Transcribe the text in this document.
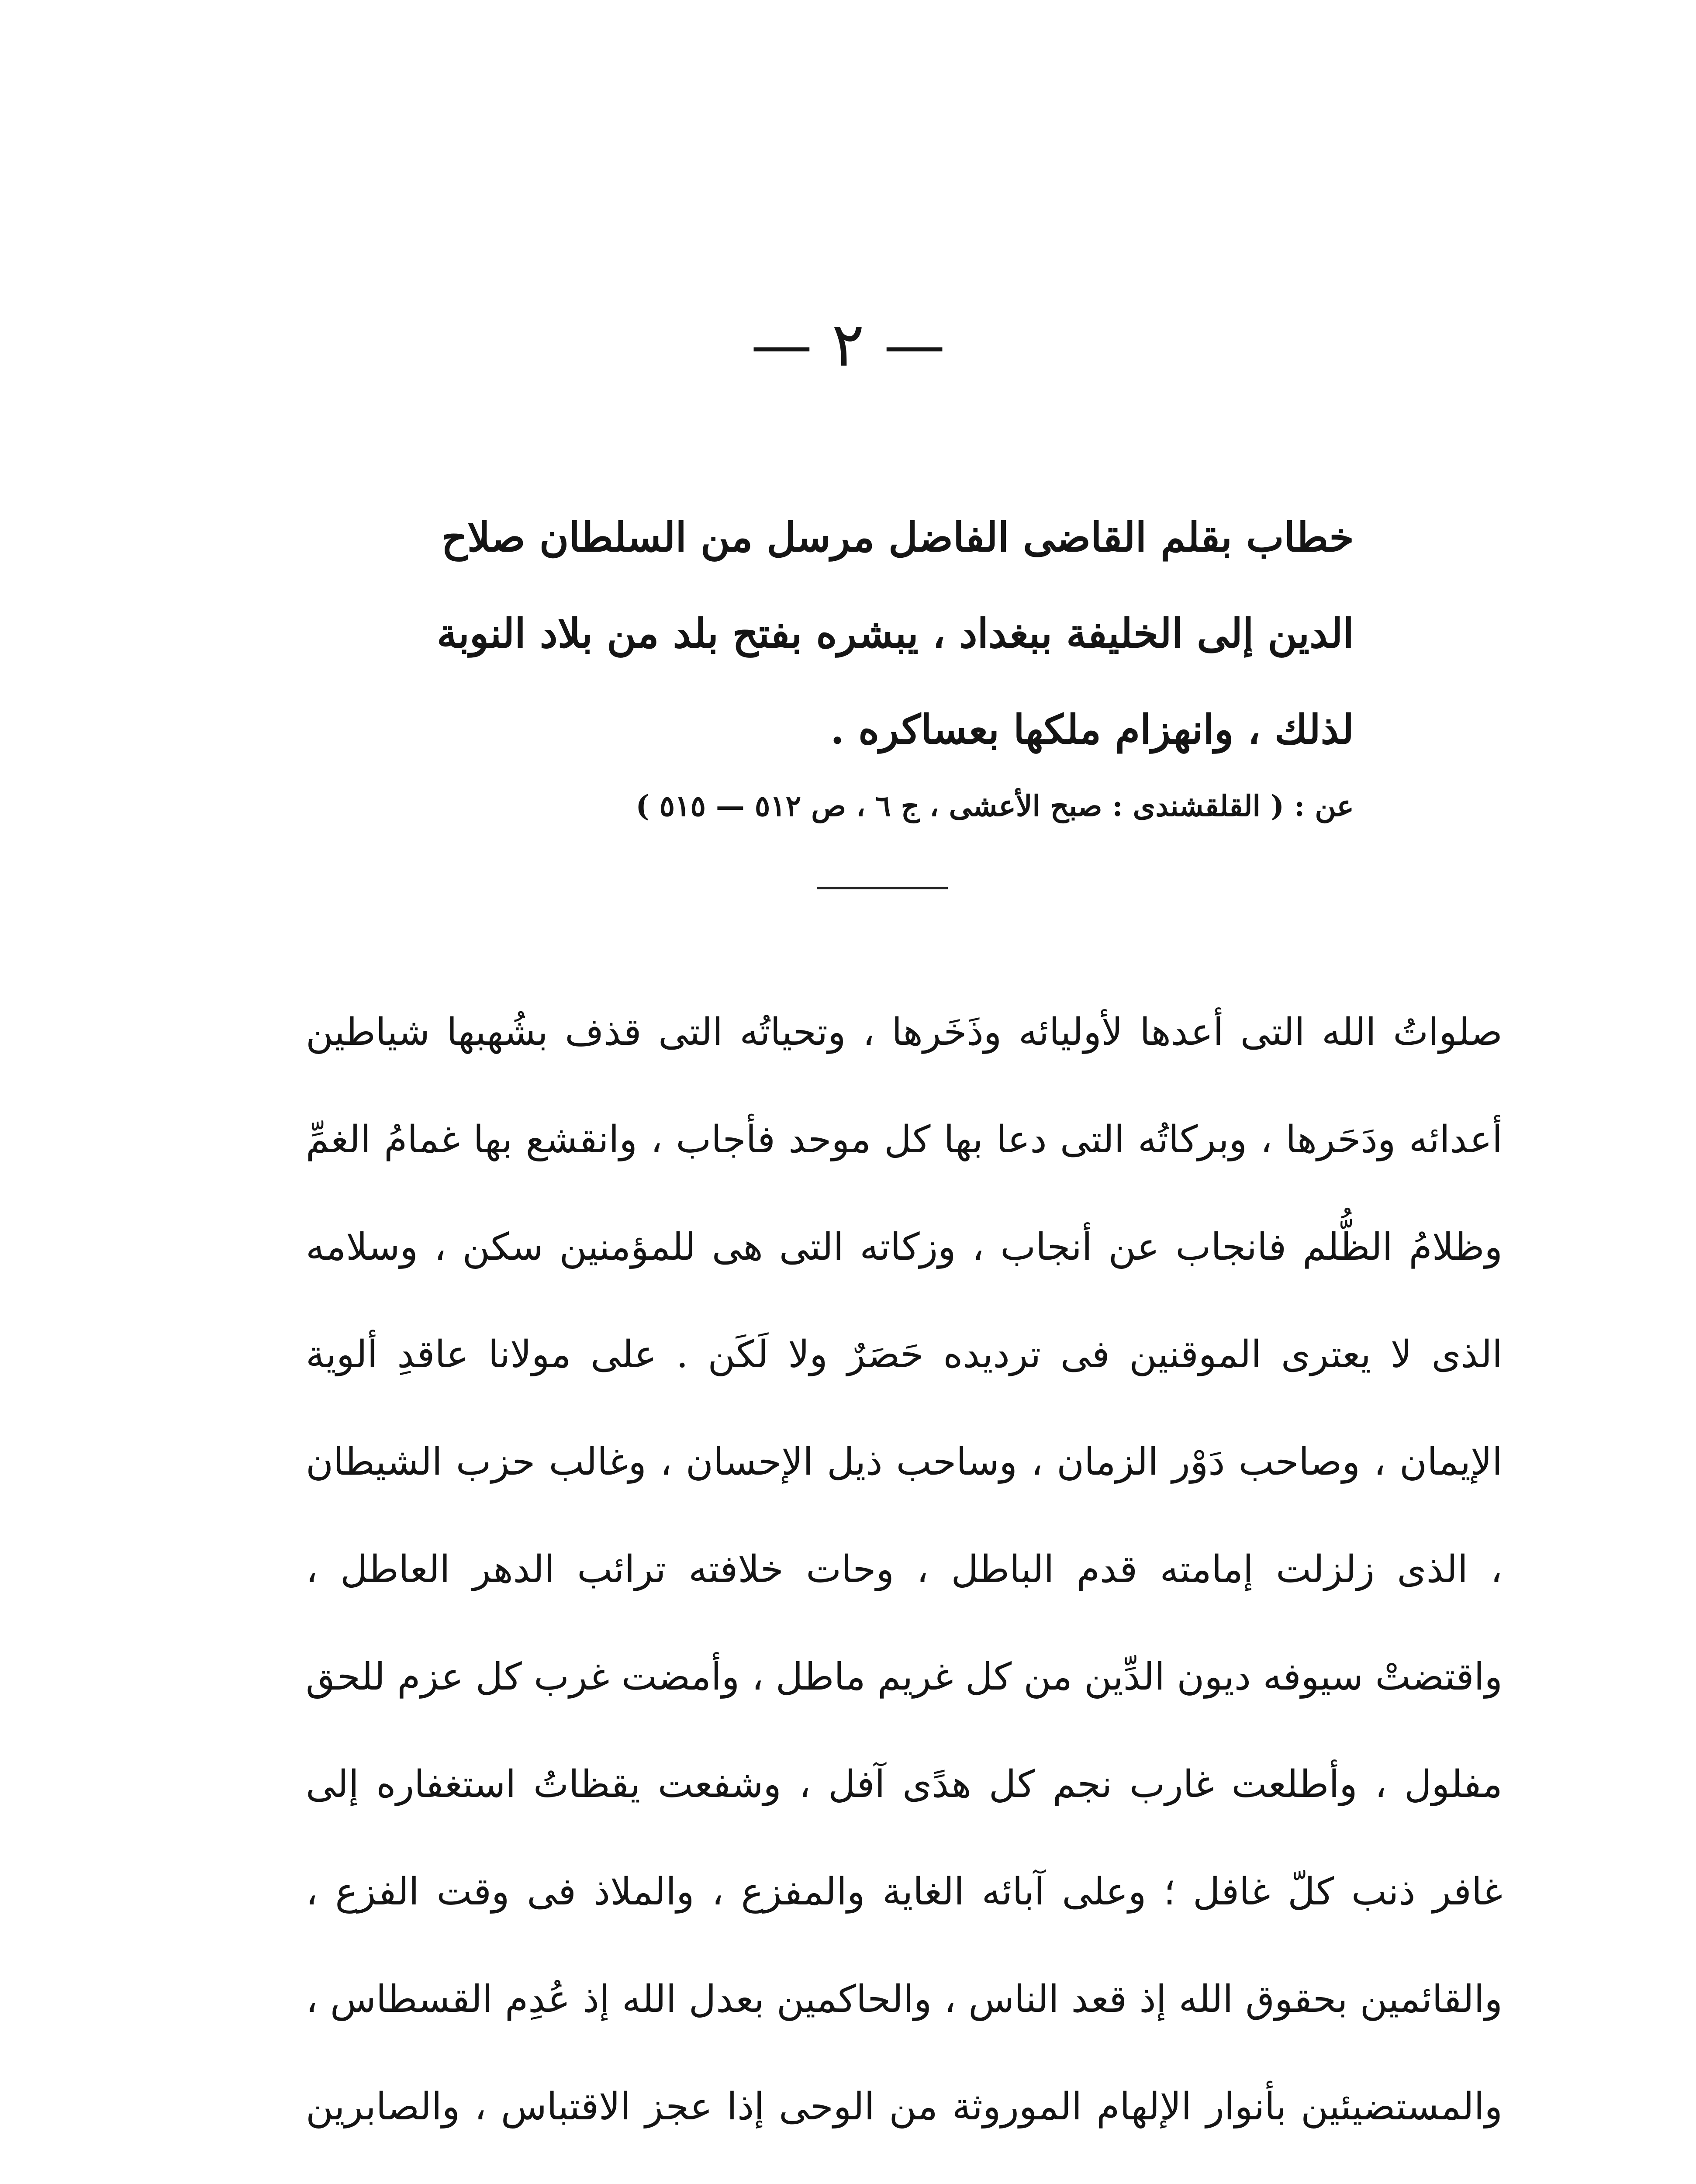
— ٢ —
خطاب بقلم القاضى الفاضل مرسل من السلطان صلاح الدين إلى الخليفة ببغداد ، يبشره بفتح بلد من بلاد النوبة لذلك ، وانهزام ملكها بعساكره .
عن : ( القلقشندى : صبح الأعشى ، ج ٦ ، ص ٥١٢ — ٥١٥ )
صلواتُ الله التى أعدها لأوليائه وذَخَرها ، وتحياتُه التى قذف بشُهبها شياطين أعدائه ودَحَرها ، وبركاتُه التى دعا بها كل موحد فأجاب ، وانقشع بها غمامُ الغمِّ وظلامُ الظُّلم فانجاب عن أنجاب ، وزكاته التى هى للمؤمنين سكن ، وسلامه الذى لا يعترى الموقنين فى ترديده حَصَرٌ ولا لَكَن . على مولانا عاقدِ ألوية الإيمان ، وصاحب دَوْر الزمان ، وساحب ذيل الإحسان ، وغالب حزب الشيطان ، الذى زلزلت إمامته قدم الباطل ، وحات خلافته ترائب الدهر العاطل ، واقتضتْ سيوفه ديون الدِّين من كل غريم ماطل ، وأمضت غرب كل عزم للحق مفلول ، وأطلعت غارب نجم كل هدًى آفل ، وشفعت يقظاتُ استغفاره إلى غافر ذنب كلّ غافل ؛ وعلى آبائه الغاية والمفزع ، والملاذ فى وقت الفزع ، والقائمين بحقوق الله إذ قعد الناس ، والحاكمين بعدل الله إذ عُدِم القسطاس ، والمستضيئين بأنوار الإلهام الموروثة من الوحى إذا عجز الاقتباس ، والصابرين
